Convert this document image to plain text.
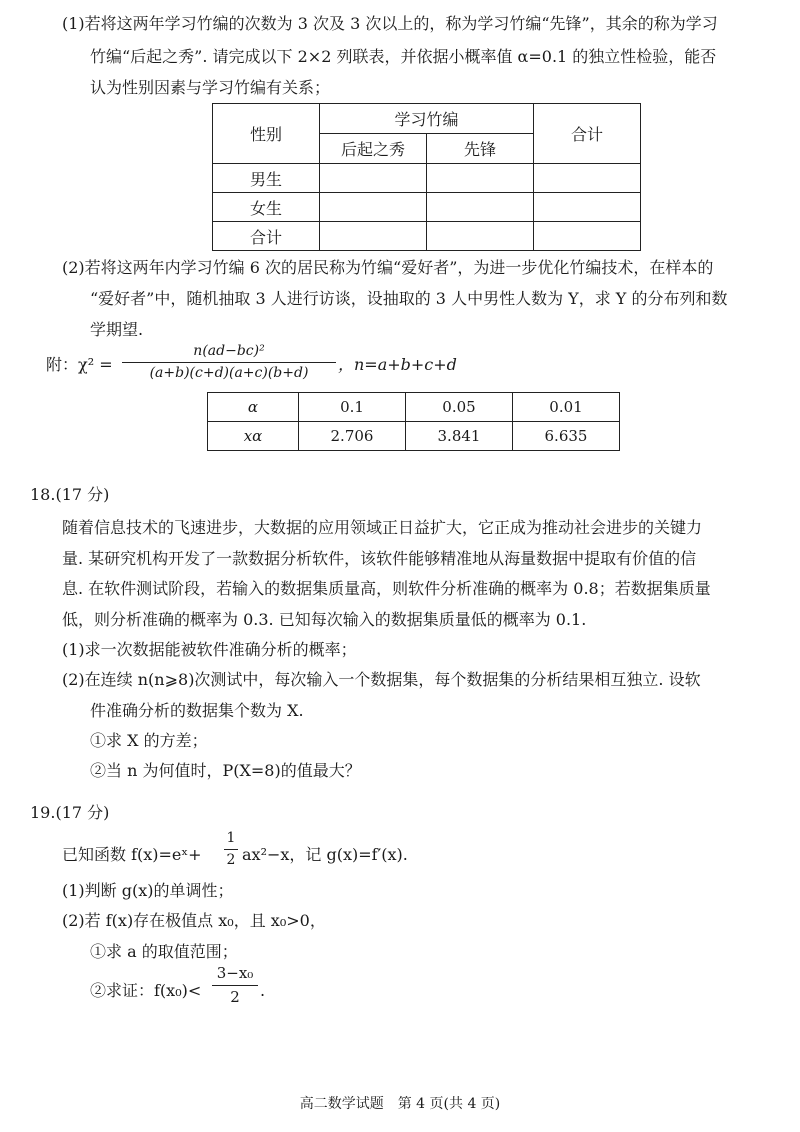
(1)若将这两年学习竹编的次数为 3 次及 3 次以上的，称为学习竹编“先锋”，其余的称为学习
竹编“后起之秀”. 请完成以下 2×2 列联表，并依据小概率值 α=0.1 的独立性检验，能否
认为性别因素与学习竹编有关系；
性别	学习竹编		合计
	后起之秀	先锋	
男生			
女生			
合计			
(2)若将这两年内学习竹编 6 次的居民称为竹编“爱好者”，为进一步优化竹编技术，在样本的
“爱好者”中，随机抽取 3 人进行访谈，设抽取的 3 人中男性人数为 Y，求 Y 的分布列和数
学期望.
附：χ² =
n(ad−bc)²
(a+b)(c+d)(a+c)(b+d)	，n=a+b+c+d
α	0.1	0.05	0.01
xα	2.706	3.841	6.635
18.(17 分)
随着信息技术的飞速进步，大数据的应用领域正日益扩大，它正成为推动社会进步的关键力
量. 某研究机构开发了一款数据分析软件，该软件能够精准地从海量数据中提取有价值的信
息. 在软件测试阶段，若输入的数据集质量高，则软件分析准确的概率为 0.8；若数据集质量
低，则分析准确的概率为 0.3. 已知每次输入的数据集质量低的概率为 0.1.
(1)求一次数据能被软件准确分析的概率；
(2)在连续 n(n⩾8)次测试中，每次输入一个数据集，每个数据集的分析结果相互独立. 设软
件准确分析的数据集个数为 X.
①求 X 的方差；
②当 n 为何值时，P(X=8)的值最大？
19.(17 分)
已知函数 f(x)=eˣ+
1
2 ax²−x，记 g(x)=f′(x).
(1)判断 g(x)的单调性；
(2)若 f(x)存在极值点 x₀，且 x₀>0，
①求 a 的取值范围；
②求证：f(x₀)<
3−x₀
2	.
高二数学试题　第 4 页(共 4 页)
